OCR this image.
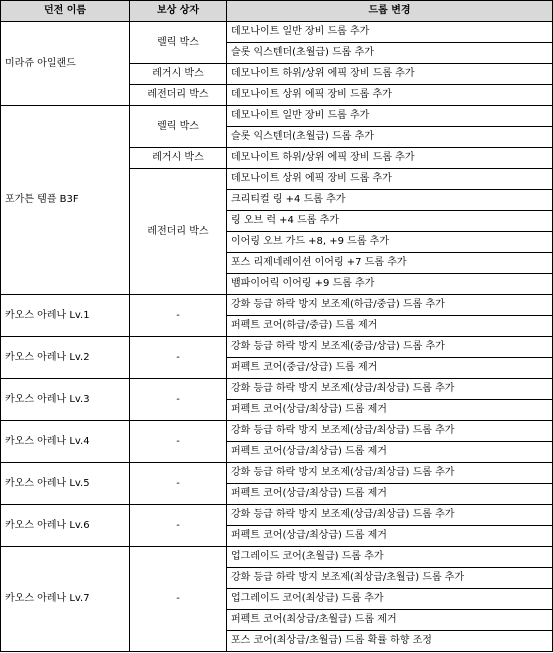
던전 이름	보상 상자	드롭 변경
미라쥬 아일랜드	렐릭 박스	데모나이트 일반 장비 드롭 추가
		슬롯 익스텐더(초월급) 드롭 추가
	레거시 박스	데모나이트 하위/상위 에픽 장비 드롭 추가
	레전더리 박스	데모나이트 상위 에픽 장비 드롭 추가
포가튼 템플 B3F	렐릭 박스	데모나이트 일반 장비 드롭 추가
		슬롯 익스텐더(초월급) 드롭 추가
	레거시 박스	데모나이트 하위/상위 에픽 장비 드롭 추가
	레전더리 박스	데모나이트 상위 에픽 장비 드롭 추가
		크리티컬 링 +4 드롭 추가
		링 오브 럭 +4 드롭 추가
		이어링 오브 가드 +8, +9 드롭 추가
		포스 리제네레이션 이어링 +7 드롭 추가
		뱀파이어릭 이어링 +9 드롭 추가
카오스 아레나 Lv.1	-	강화 등급 하락 방지 보조제(하급/중급) 드롭 추가
		퍼펙트 코어(하급/중급) 드롭 제거
카오스 아레나 Lv.2	-	강화 등급 하락 방지 보조제(중급/상급) 드롭 추가
		퍼펙트 코어(중급/상급) 드롭 제거
카오스 아레나 Lv.3	-	강화 등급 하락 방지 보조제(상급/최상급) 드롭 추가
		퍼펙트 코어(상급/최상급) 드롭 제거
카오스 아레나 Lv.4	-	강화 등급 하락 방지 보조제(상급/최상급) 드롭 추가
		퍼펙트 코어(상급/최상급) 드롭 제거
카오스 아레나 Lv.5	-	강화 등급 하락 방지 보조제(상급/최상급) 드롭 추가
		퍼펙트 코어(상급/최상급) 드롭 제거
카오스 아레나 Lv.6	-	강화 등급 하락 방지 보조제(상급/최상급) 드롭 추가
		퍼펙트 코어(상급/최상급) 드롭 제거
카오스 아레나 Lv.7	-	업그레이드 코어(초월급) 드롭 추가
		강화 등급 하락 방지 보조제(최상급/초월급) 드롭 추가
		업그레이드 코어(최상급) 드롭 추가
		퍼펙트 코어(최상급/초월급) 드롭 제거
		포스 코어(최상급/초월급) 드롭 확률 하향 조정
